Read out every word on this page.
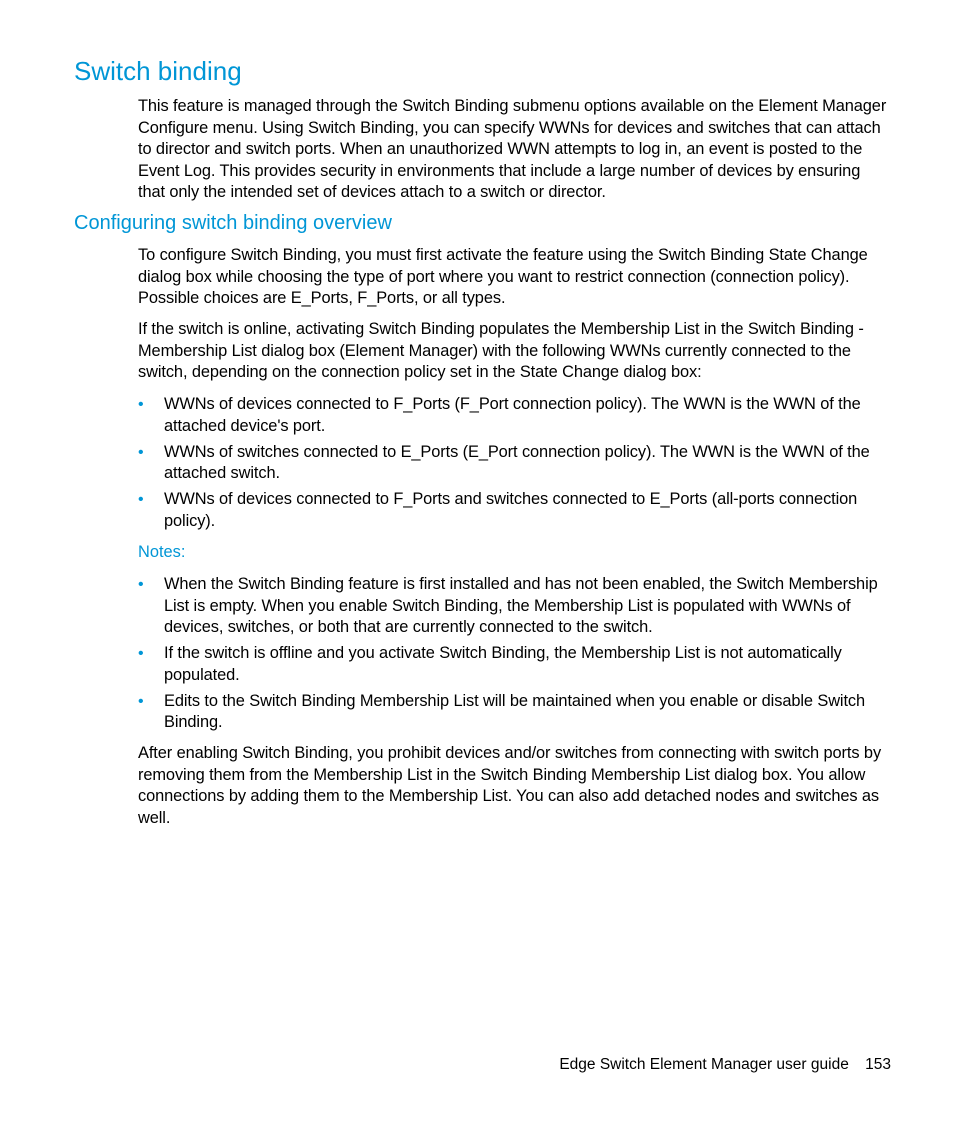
Switch binding

This feature is managed through the Switch Binding submenu options available on the Element Manager Configure menu. Using Switch Binding, you can specify WWNs for devices and switches that can attach to director and switch ports. When an unauthorized WWN attempts to log in, an event is posted to the Event Log. This provides security in environments that include a large number of devices by ensuring that only the intended set of devices attach to a switch or director.

Configuring switch binding overview

To configure Switch Binding, you must first activate the feature using the Switch Binding State Change dialog box while choosing the type of port where you want to restrict connection (connection policy). Possible choices are E_Ports, F_Ports, or all types.

If the switch is online, activating Switch Binding populates the Membership List in the Switch Binding - Membership List dialog box (Element Manager) with the following WWNs currently connected to the switch, depending on the connection policy set in the State Change dialog box:

• WWNs of devices connected to F_Ports (F_Port connection policy). The WWN is the WWN of the attached device's port.
• WWNs of switches connected to E_Ports (E_Port connection policy). The WWN is the WWN of the attached switch.
• WWNs of devices connected to F_Ports and switches connected to E_Ports (all-ports connection policy).

Notes:

• When the Switch Binding feature is first installed and has not been enabled, the Switch Membership List is empty. When you enable Switch Binding, the Membership List is populated with WWNs of devices, switches, or both that are currently connected to the switch.
• If the switch is offline and you activate Switch Binding, the Membership List is not automatically populated.
• Edits to the Switch Binding Membership List will be maintained when you enable or disable Switch Binding.

After enabling Switch Binding, you prohibit devices and/or switches from connecting with switch ports by removing them from the Membership List in the Switch Binding Membership List dialog box. You allow connections by adding them to the Membership List. You can also add detached nodes and switches as well.

Edge Switch Element Manager user guide 153
